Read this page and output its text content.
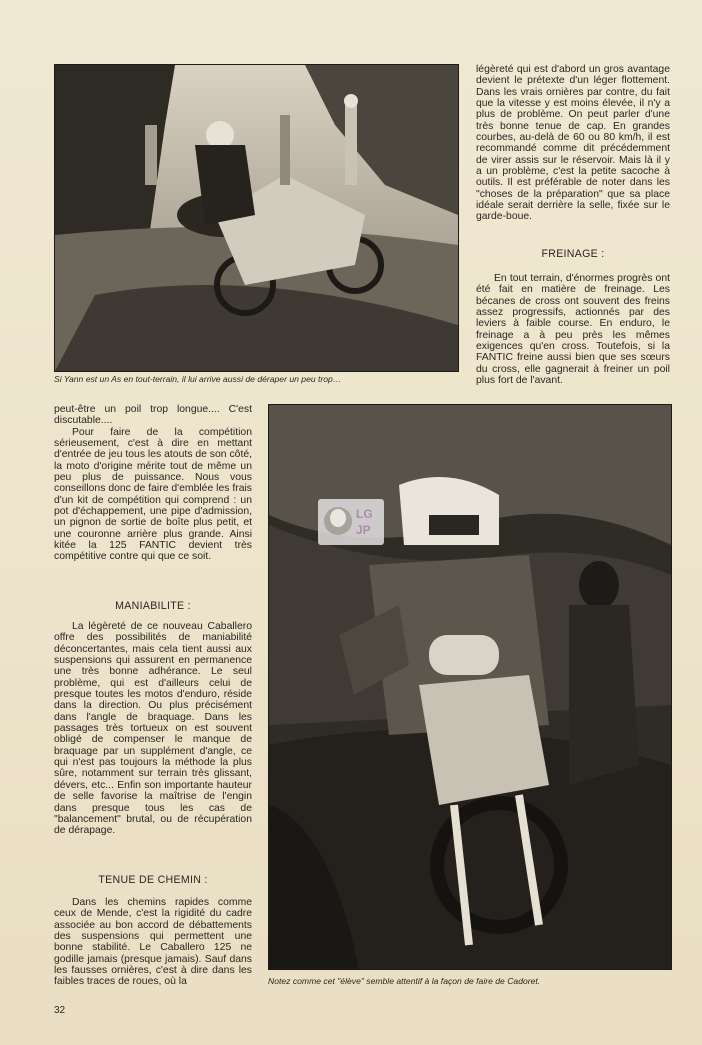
Si Yann est un As en tout-terrain, il lui arrive aussi de déraper un peu trop…

légèreté qui est d'abord un gros avantage devient le prétexte d'un léger flottement. Dans les vrais ornières par contre, du fait que la vitesse y est moins élevée, il n'y a plus de problème. On peut parler d'une très bonne tenue de cap. En grandes courbes, au-delà de 60 ou 80 km/h, il est recommandé comme dit précédemment de virer assis sur le réservoir. Mais là il y a un problème, c'est la petite sacoche à outils. Il est préférable de noter dans les "choses de la préparation" que sa place idéale serait derrière la selle, fixée sur le garde-boue.

FREINAGE :

En tout terrain, d'énormes progrès ont été fait en matière de freinage. Les bécanes de cross ont souvent des freins assez progressifs, actionnés par des leviers à faible course. En enduro, le freinage a à peu près les mêmes exigences qu'en cross. Toutefois, si la FANTIC freine aussi bien que ses sœurs du cross, elle gagnerait à freiner un poil plus fort de l'avant.

peut-être un poil trop longue.... C'est discutable....

Pour faire de la compétition sérieusement, c'est à dire en mettant d'entrée de jeu tous les atouts de son côté, la moto d'origine mérite tout de même un peu plus de puissance. Nous vous conseillons donc de faire d'emblée les frais d'un kit de compétition qui comprend : un pot d'échappement, une pipe d'admission, un pignon de sortie de boîte plus petit, et une couronne arrière plus grande. Ainsi kitée la 125 FANTIC devient très compétitive contre qui que ce soit.

MANIABILITE :

La légèreté de ce nouveau Caballero offre des possibilités de maniabilité déconcertantes, mais cela tient aussi aux suspensions qui assurent en permanence une très bonne adhérance. Le seul problème, qui est d'ailleurs celui de presque toutes les motos d'enduro, réside dans la direction. Ou plus précisément dans l'angle de braquage. Dans les passages très tortueux on est souvent obligé de compenser le manque de braquage par un supplément d'angle, ce qui n'est pas toujours la méthode la plus sûre, notamment sur terrain très glissant, dévers, etc... Enfin son importante hauteur de selle favorise la maîtrise de l'engin dans presque tous les cas de "balancement" brutal, ou de récupération de dérapage.

TENUE DE CHEMIN :

Dans les chemins rapides comme ceux de Mende, c'est la rigidité du cadre associée au bon accord de débattements des suspensions qui permettent une bonne stabilité. Le Caballero 125 ne godille jamais (presque jamais). Sauf dans les fausses ornières, c'est à dire dans les faibles traces de roues, où la

LG
JP
Notez comme cet "élève" semble attentif à la façon de faire de Cadoret.
32
